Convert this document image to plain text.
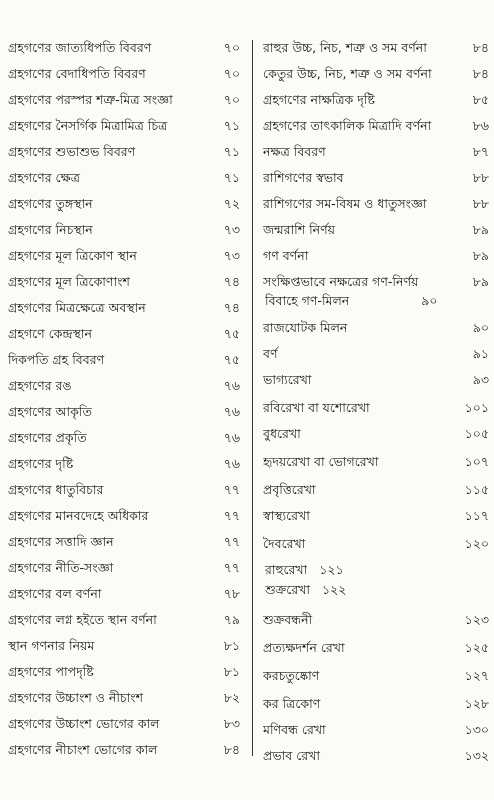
গ্রহগণের জাত্যধিপতি বিবরণ	৭০
গ্রহগণের বেদাধিপতি বিবরণ	৭০
গ্রহগণের পরস্পর শত্রু-মিত্র সংজ্ঞা	৭০
গ্রহগণের নৈসর্গিক মিত্রামিত্র চিত্র	৭১
গ্রহগণের শুভাশুভ বিবরণ	৭১
গ্রহগণের ক্ষেত্র	৭১
গ্রহগণের তুঙ্গস্থান	৭২
গ্রহগণের নিচস্থান	৭৩
গ্রহগণের মূল ত্রিকোণ স্থান	৭৩
গ্রহগণের মূল ত্রিকোণাংশ	৭৪
গ্রহগণের মিত্রক্ষেত্রে অবস্থান	৭৪
গ্রহগণে কেন্দ্রস্থান	৭৫
দিকপতি গ্রহ বিবরণ	৭৫
গ্রহগণের রঙ	৭৬
গ্রহগণের আকৃতি	৭৬
গ্রহগণের প্রকৃতি	৭৬
গ্রহগণের দৃষ্টি	৭৬
গ্রহগণের ধাতুবিচার	৭৭
গ্রহগণের মানবদেহে অধিকার	৭৭
গ্রহগণের সত্তাদি জ্ঞান	৭৭
গ্রহগণের নীতি-সংজ্ঞা	৭৭
গ্রহগণের বল বর্ণনা	৭৮
গ্রহগণের লগ্ন হইতে স্থান বর্ণনা	৭৯
স্থান গণনার নিয়ম	৮১
গ্রহগণের পাপদৃষ্টি	৮১
গ্রহগণের উচ্চাংশ ও নীচাংশ	৮২
গ্রহগণের উচ্চাংশ ভোগের কাল	৮৩
গ্রহগণের নীচাংশ ভোগের কাল	৮৪
রাহুর উচ্চ, নিচ, শত্রু ও সম বর্ণনা	৮৪
কেতুর উচ্চ, নিচ, শত্রু ও সম বর্ণনা	৮৪
গ্রহগণের নাক্ষত্রিক দৃষ্টি	৮৫
গ্রহগণের তাৎকালিক মিত্রাদি বর্ণনা	৮৬
নক্ষত্র বিবরণ	৮৭
রাশিগণের স্বভাব	৮৮
রাশিগণের সম-বিষম ও ধাতুসংজ্ঞা	৮৮
জন্মরাশি নির্ণয়	৮৯
গণ বর্ণনা	৮৯
সংক্ষিপ্তভাবে নক্ষত্রের গণ-নির্ণয়	৮৯
বিবাহে গণ-মিলন	৯০
রাজযোটক মিলন	৯০
বর্ণ	৯১
ভাগ্যরেখা	৯৩
রবিরেখা বা যশোরেখা	১০১
বুধরেখা	১০৫
হৃদয়রেখা বা ভোগরেখা	১০৭
প্রবৃত্তিরেখা	১১৫
স্বাস্থ্যরেখা	১১৭
দৈবরেখা	১২০
রাহুরেখা ১২১
শুক্ররেখা ১২২
শুক্রবন্ধনী	১২৩
প্রত্যক্ষদর্শন রেখা	১২৫
করচতুষ্কোণ	১২৭
কর ত্রিকোণ	১২৮
মণিবন্ধ রেখা	১৩০
প্রভাব রেখা	১৩২
